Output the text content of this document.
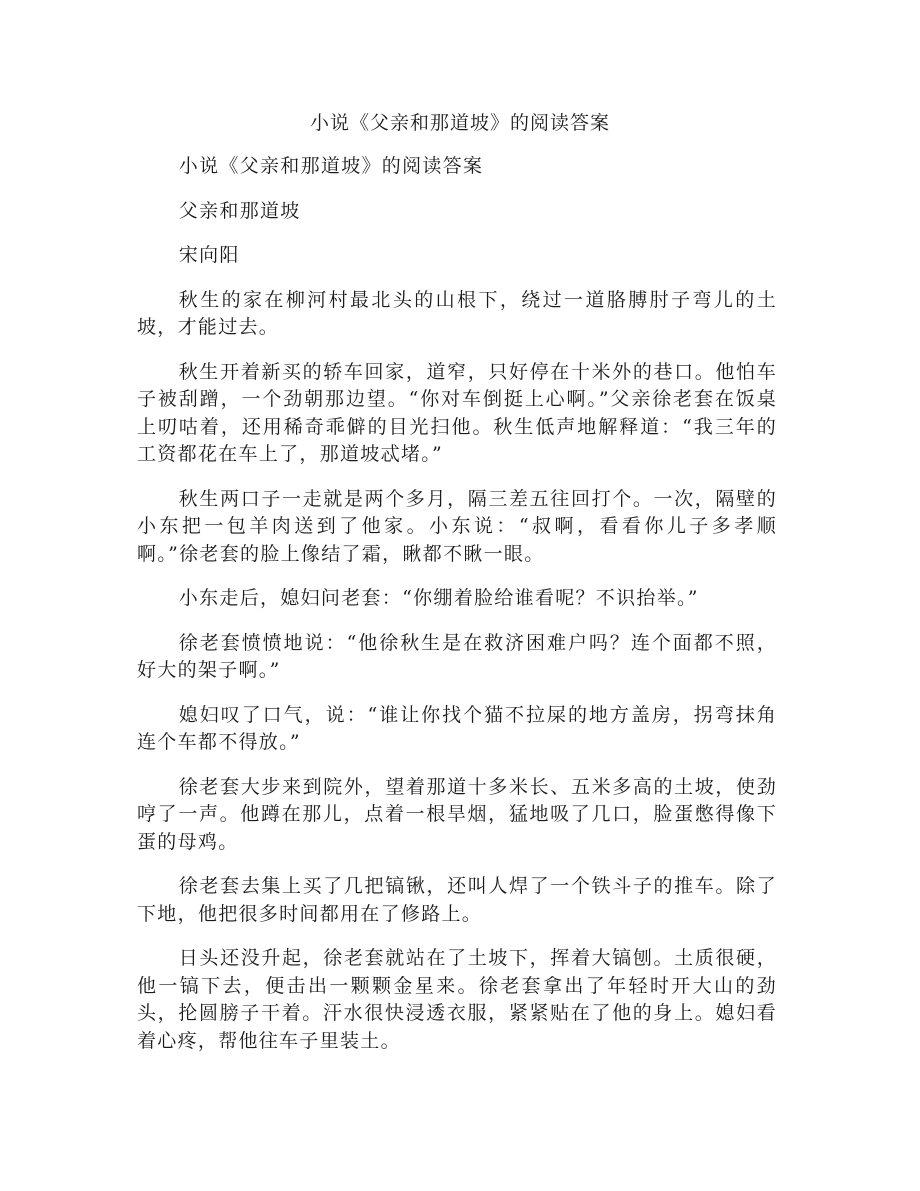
小说《父亲和那道坡》的阅读答案

小说《父亲和那道坡》的阅读答案

父亲和那道坡

宋向阳

秋生的家在柳河村最北头的山根下，绕过一道胳膊肘子弯儿的土坡，才能过去。

秋生开着新买的轿车回家，道窄，只好停在十米外的巷口。他怕车子被刮蹭，一个劲朝那边望。“你对车倒挺上心啊。”父亲徐老套在饭桌上叨咕着，还用稀奇乖僻的目光扫他。秋生低声地解释道：“我三年的工资都花在车上了，那道坡忒堵。”

秋生两口子一走就是两个多月，隔三差五往回打个。一次，隔壁的小东把一包羊肉送到了他家。小东说：“叔啊，看看你儿子多孝顺啊。”徐老套的脸上像结了霜，瞅都不瞅一眼。

小东走后，媳妇问老套：“你绷着脸给谁看呢？不识抬举。”

徐老套愤愤地说：“他徐秋生是在救济困难户吗？连个面都不照，好大的架子啊。”

媳妇叹了口气，说：“谁让你找个猫不拉屎的地方盖房，拐弯抹角连个车都不得放。”

徐老套大步来到院外，望着那道十多米长、五米多高的土坡，使劲哼了一声。他蹲在那儿，点着一根旱烟，猛地吸了几口，脸蛋憋得像下蛋的母鸡。

徐老套去集上买了几把镐锹，还叫人焊了一个铁斗子的推车。除了下地，他把很多时间都用在了修路上。

日头还没升起，徐老套就站在了土坡下，挥着大镐刨。土质很硬，他一镐下去，便击出一颗颗金星来。徐老套拿出了年轻时开大山的劲头，抡圆膀子干着。汗水很快浸透衣服，紧紧贴在了他的身上。媳妇看着心疼，帮他往车子里装土。
